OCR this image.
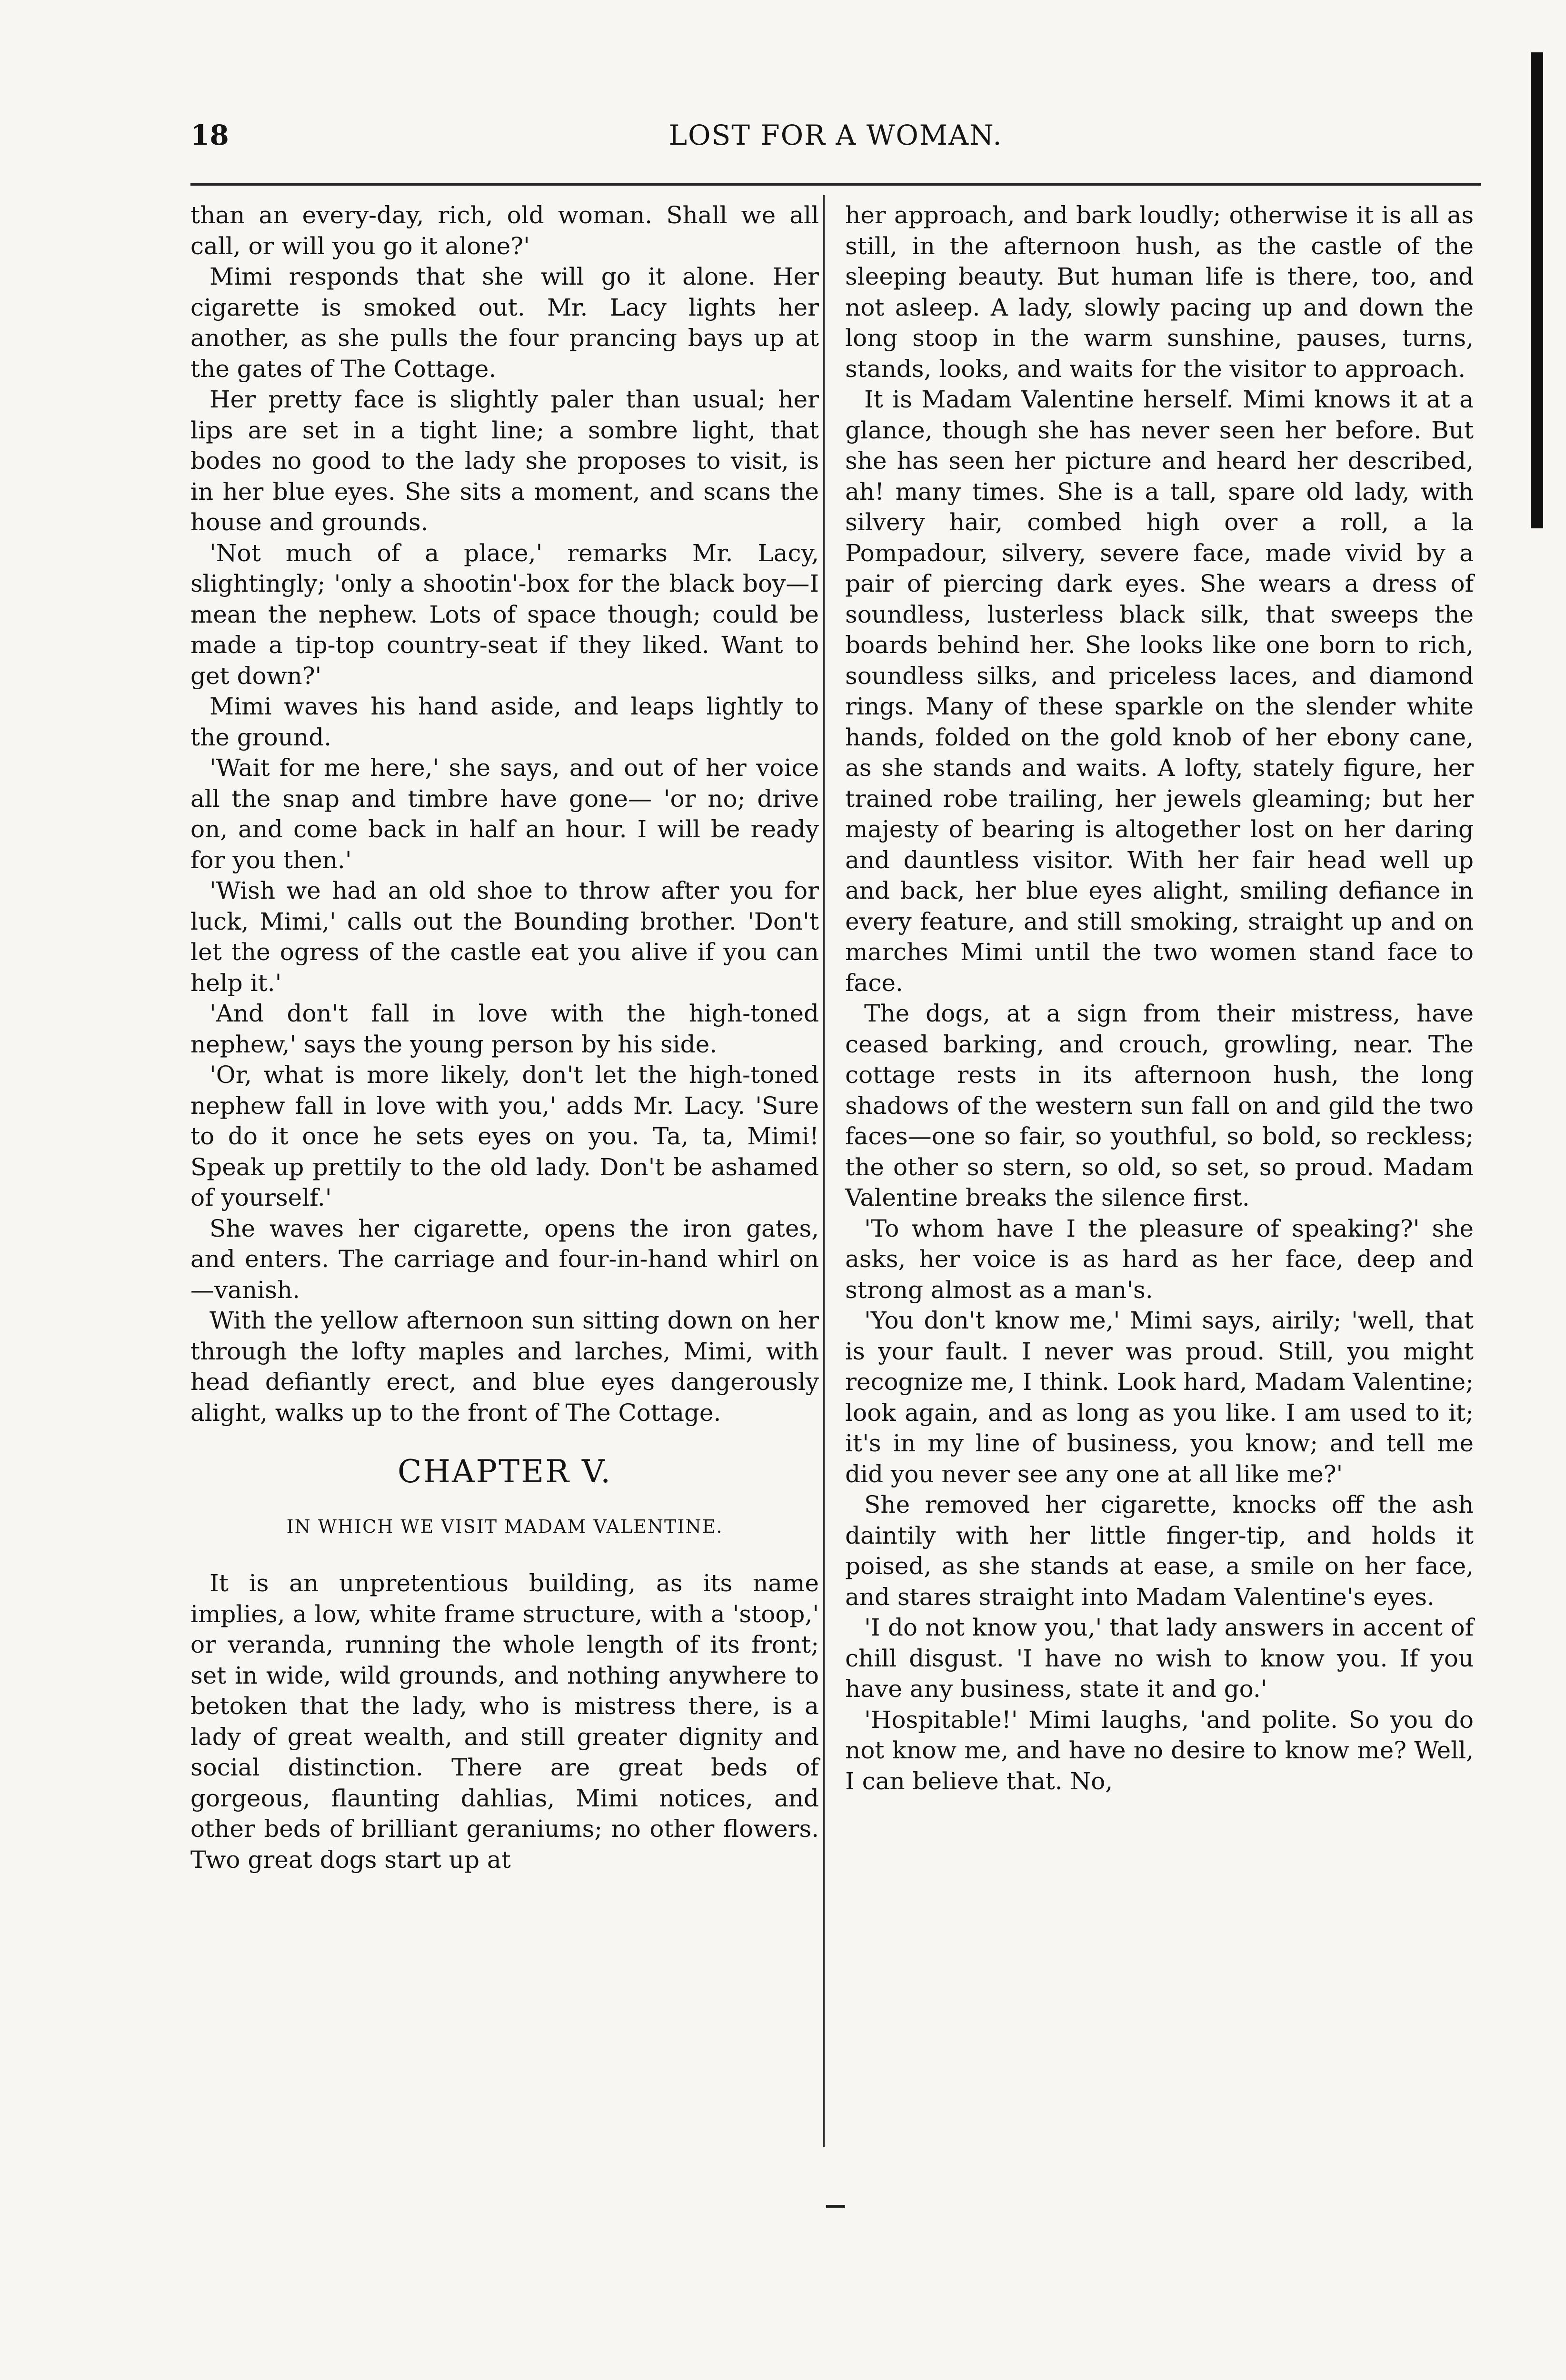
18	LOST FOR A WOMAN.

than an every-day, rich, old woman. Shall we all call, or will you go it alone?'

Mimi responds that she will go it alone. Her cigarette is smoked out. Mr. Lacy lights her another, as she pulls the four prancing bays up at the gates of The Cottage.

Her pretty face is slightly paler than usual; her lips are set in a tight line; a sombre light, that bodes no good to the lady she proposes to visit, is in her blue eyes. She sits a moment, and scans the house and grounds.

'Not much of a place,' remarks Mr. Lacy, slightingly; 'only a shootin'-box for the black boy—I mean the nephew. Lots of space though; could be made a tip-top country-seat if they liked. Want to get down?'

Mimi waves his hand aside, and leaps lightly to the ground.

'Wait for me here,' she says, and out of her voice all the snap and timbre have gone— 'or no; drive on, and come back in half an hour. I will be ready for you then.'

'Wish we had an old shoe to throw after you for luck, Mimi,' calls out the Bounding brother. 'Don't let the ogress of the castle eat you alive if you can help it.'

'And don't fall in love with the high-toned nephew,' says the young person by his side.

'Or, what is more likely, don't let the high-toned nephew fall in love with you,' adds Mr. Lacy. 'Sure to do it once he sets eyes on you. Ta, ta, Mimi! Speak up prettily to the old lady. Don't be ashamed of yourself.'

She waves her cigarette, opens the iron gates, and enters. The carriage and four-in-hand whirl on—vanish.

With the yellow afternoon sun sitting down on her through the lofty maples and larches, Mimi, with head defiantly erect, and blue eyes dangerously alight, walks up to the front of The Cottage.

CHAPTER V.
IN WHICH WE VISIT MADAM VALENTINE.

It is an unpretentious building, as its name implies, a low, white frame structure, with a 'stoop,' or veranda, running the whole length of its front; set in wide, wild grounds, and nothing anywhere to betoken that the lady, who is mistress there, is a lady of great wealth, and still greater dignity and social distinction. There are great beds of gorgeous, flaunting dahlias, Mimi notices, and other beds of brilliant geraniums; no other flowers. Two great dogs start up at

her approach, and bark loudly; otherwise it is all as still, in the afternoon hush, as the castle of the sleeping beauty. But human life is there, too, and not asleep. A lady, slowly pacing up and down the long stoop in the warm sunshine, pauses, turns, stands, looks, and waits for the visitor to approach.

It is Madam Valentine herself. Mimi knows it at a glance, though she has never seen her before. But she has seen her picture and heard her described, ah! many times. She is a tall, spare old lady, with silvery hair, combed high over a roll, a la Pompadour, silvery, severe face, made vivid by a pair of piercing dark eyes. She wears a dress of soundless, lusterless black silk, that sweeps the boards behind her. She looks like one born to rich, soundless silks, and priceless laces, and diamond rings. Many of these sparkle on the slender white hands, folded on the gold knob of her ebony cane, as she stands and waits. A lofty, stately figure, her trained robe trailing, her jewels gleaming; but her majesty of bearing is altogether lost on her daring and dauntless visitor. With her fair head well up and back, her blue eyes alight, smiling defiance in every feature, and still smoking, straight up and on marches Mimi until the two women stand face to face.

The dogs, at a sign from their mistress, have ceased barking, and crouch, growling, near. The cottage rests in its afternoon hush, the long shadows of the western sun fall on and gild the two faces—one so fair, so youthful, so bold, so reckless; the other so stern, so old, so set, so proud. Madam Valentine breaks the silence first.

'To whom have I the pleasure of speaking?' she asks, her voice is as hard as her face, deep and strong almost as a man's.

'You don't know me,' Mimi says, airily; 'well, that is your fault. I never was proud. Still, you might recognize me, I think. Look hard, Madam Valentine; look again, and as long as you like. I am used to it; it's in my line of business, you know; and tell me did you never see any one at all like me?'

She removed her cigarette, knocks off the ash daintily with her little finger-tip, and holds it poised, as she stands at ease, a smile on her face, and stares straight into Madam Valentine's eyes.

'I do not know you,' that lady answers in accent of chill disgust. 'I have no wish to know you. If you have any business, state it and go.'

'Hospitable!' Mimi laughs, 'and polite. So you do not know me, and have no desire to know me? Well, I can believe that. No,
